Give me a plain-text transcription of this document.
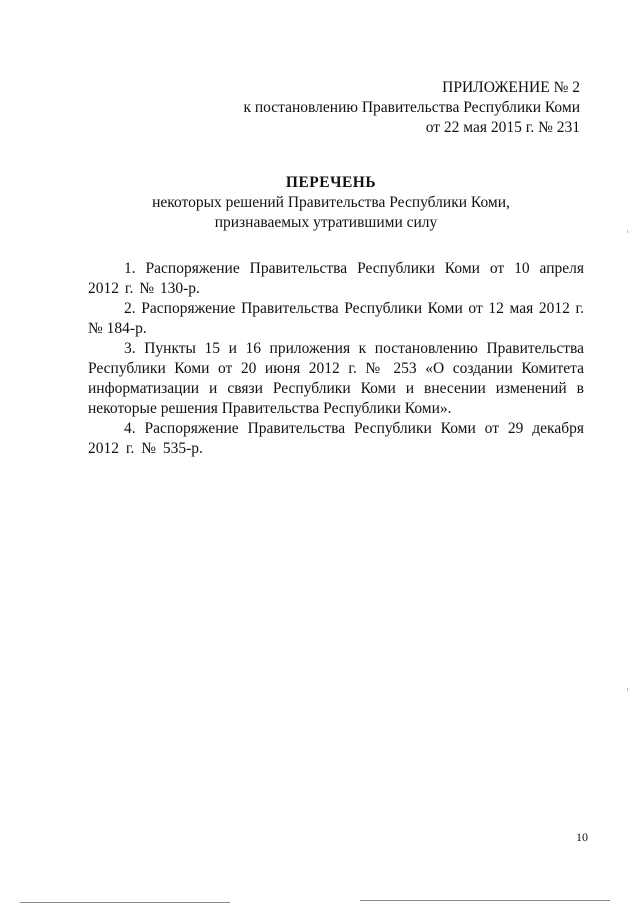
ПРИЛОЖЕНИЕ № 2
к постановлению Правительства Республики Коми
от 22 мая 2015 г. № 231
ПЕРЕЧЕНЬ
некоторых решений Правительства Республики Коми,
признаваемых утратившими силу
1. Распоряжение Правительства Республики Коми от 10 апреля 2012 г. № 130-р.
2. Распоряжение Правительства Республики Коми от 12 мая 2012 г. № 184-р.
3. Пункты 15 и 16 приложения к постановлению Правительства Республики Коми от 20 июня 2012 г. № 253 «О создании Комитета информатизации и связи Республики Коми и внесении изменений в некоторые решения Правительства Республики Коми».
4. Распоряжение Правительства Республики Коми от 29 декабря 2012 г. № 535-р.
10
